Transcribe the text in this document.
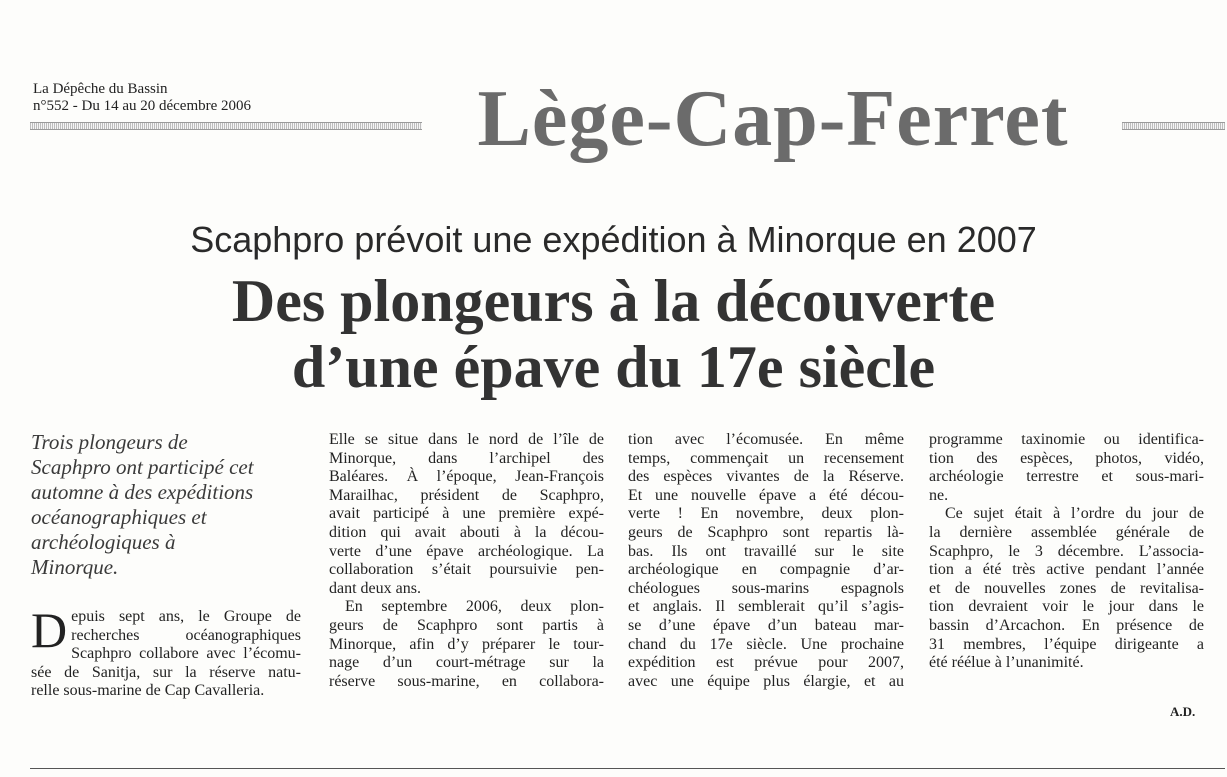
La Dépêche du Bassin
n°552 - Du 14 au 20 décembre 2006	Lège-Cap-Ferret
Scaphpro prévoit une expédition à Minorque en 2007
Des plongeurs à la découverte
d’une épave du 17e siècle
Trois plongeurs de
Scaphpro ont participé cet
automne à des expéditions
océanographiques et
archéologiques à
Minorque.
D epuis sept ans, le Groupe de
recherches océanographiques
Scaphpro collabore avec l’écomu-
sée de Sanitja, sur la réserve natu-
relle sous-marine de Cap Cavalleria.
Elle se situe dans le nord de l’île de
Minorque, dans l’archipel des
Baléares. À l’époque, Jean-François
Marailhac, président de Scaphpro,
avait participé à une première expé-
dition qui avait abouti à la décou-
verte d’une épave archéologique. La
collaboration s’était poursuivie pen-
dant deux ans.
En septembre 2006, deux plon-
geurs de Scaphpro sont partis à
Minorque, afin d’y préparer le tour-
nage d’un court-métrage sur la
réserve sous-marine, en collabora-
tion avec l’écomusée. En même
temps, commençait un recensement
des espèces vivantes de la Réserve.
Et une nouvelle épave a été décou-
verte ! En novembre, deux plon-
geurs de Scaphpro sont repartis là-
bas. Ils ont travaillé sur le site
archéologique en compagnie d’ar-
chéologues sous-marins espagnols
et anglais. Il semblerait qu’il s’agis-
se d’une épave d’un bateau mar-
chand du 17e siècle. Une prochaine
expédition est prévue pour 2007,
avec une équipe plus élargie, et au
programme taxinomie ou identifica-
tion des espèces, photos, vidéo,
archéologie terrestre et sous-mari-
ne.
Ce sujet était à l’ordre du jour de
la dernière assemblée générale de
Scaphpro, le 3 décembre. L’associa-
tion a été très active pendant l’année
et de nouvelles zones de revitalisa-
tion devraient voir le jour dans le
bassin d’Arcachon. En présence de
31 membres, l’équipe dirigeante a
été réélue à l’unanimité.
A.D.
